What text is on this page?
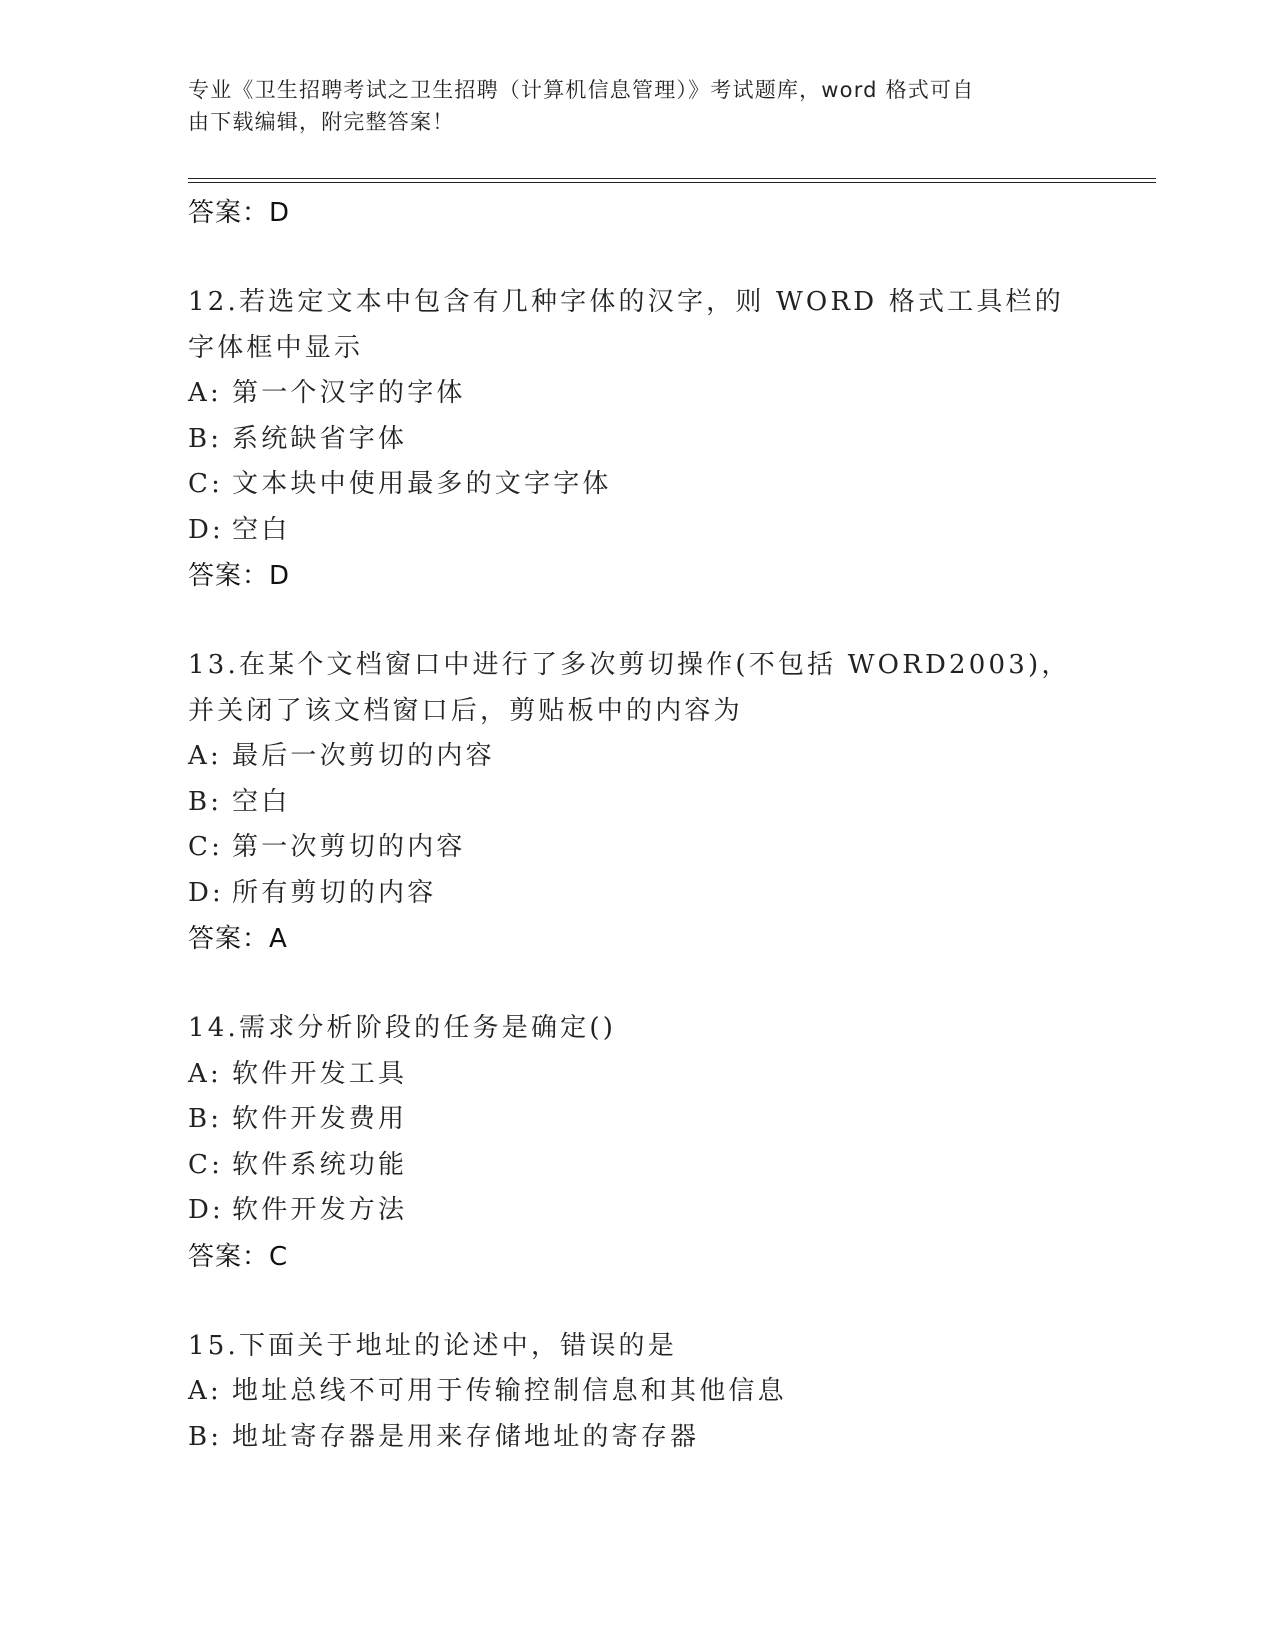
专业《卫生招聘考试之卫生招聘（计算机信息管理）》考试题库，word 格式可自
由下载编辑，附完整答案！
答案：D
12.若选定文本中包含有几种字体的汉字，则 WORD 格式工具栏的字体框中显示
A: 第一个汉字的字体
B: 系统缺省字体
C: 文本块中使用最多的文字字体
D: 空白
答案：D
13.在某个文档窗口中进行了多次剪切操作(不包括 WORD2003)，并关闭了该文档窗口后，剪贴板中的内容为
A: 最后一次剪切的内容
B: 空白
C: 第一次剪切的内容
D: 所有剪切的内容
答案：A
14.需求分析阶段的任务是确定()
A: 软件开发工具
B: 软件开发费用
C: 软件系统功能
D: 软件开发方法
答案：C
15.下面关于地址的论述中，错误的是
A: 地址总线不可用于传输控制信息和其他信息
B: 地址寄存器是用来存储地址的寄存器
